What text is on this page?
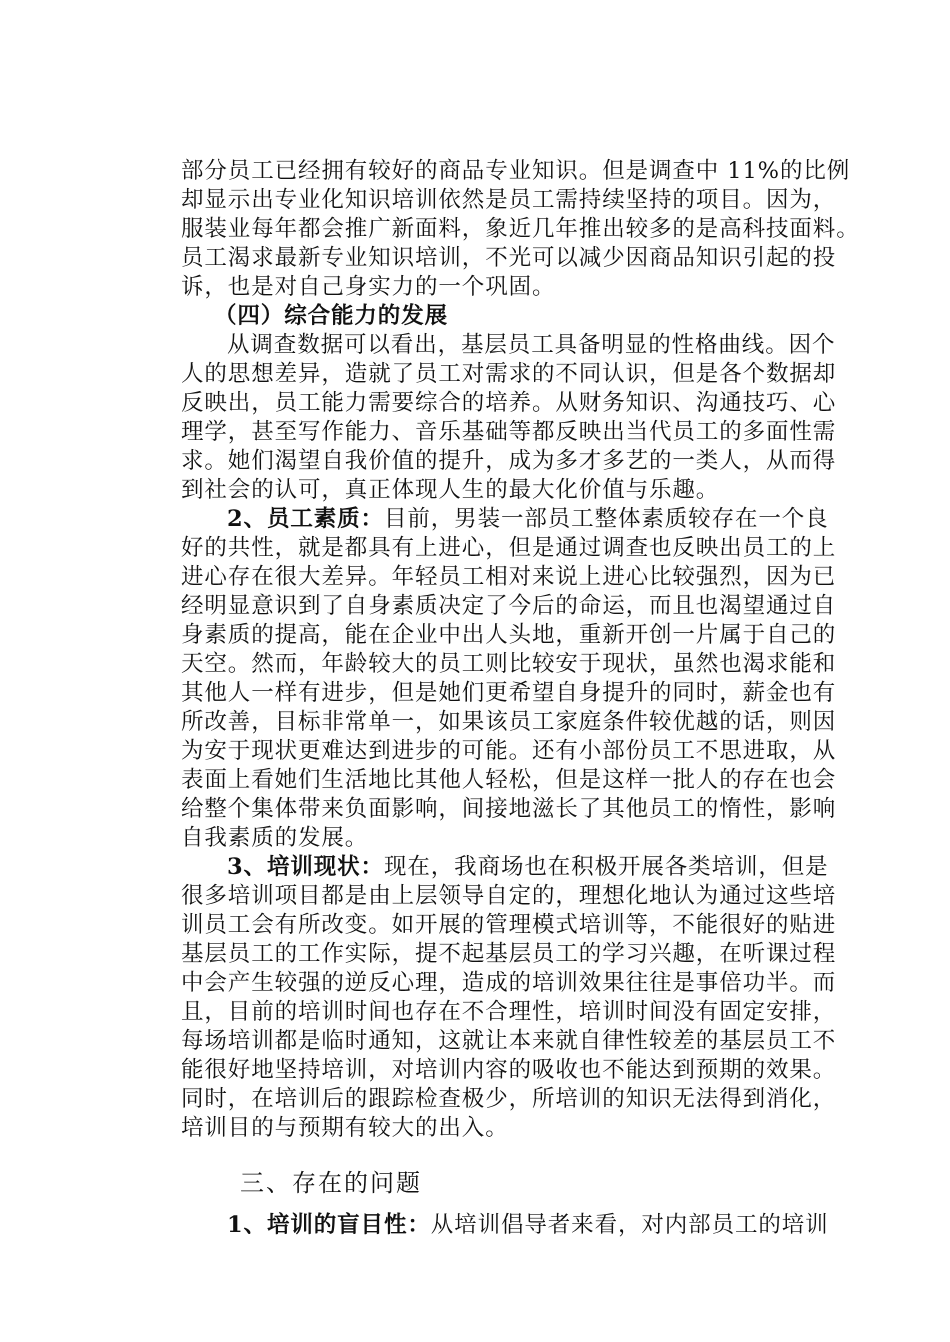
部分员工已经拥有较好的商品专业知识。但是调查中 11%的比例
却显示出专业化知识培训依然是员工需持续坚持的项目。因为，
服装业每年都会推广新面料，象近几年推出较多的是高科技面料。
员工渴求最新专业知识培训，不光可以减少因商品知识引起的投
诉，也是对自己身实力的一个巩固。
（四）综合能力的发展
从调查数据可以看出，基层员工具备明显的性格曲线。因个
人的思想差异，造就了员工对需求的不同认识，但是各个数据却
反映出，员工能力需要综合的培养。从财务知识、沟通技巧、心
理学，甚至写作能力、音乐基础等都反映出当代员工的多面性需
求。她们渴望自我价值的提升，成为多才多艺的一类人，从而得
到社会的认可，真正体现人生的最大化价值与乐趣。
2、员工素质：目前，男装一部员工整体素质较存在一个良
好的共性，就是都具有上进心，但是通过调查也反映出员工的上
进心存在很大差异。年轻员工相对来说上进心比较强烈，因为已
经明显意识到了自身素质决定了今后的命运，而且也渴望通过自
身素质的提高，能在企业中出人头地，重新开创一片属于自己的
天空。然而，年龄较大的员工则比较安于现状，虽然也渴求能和
其他人一样有进步，但是她们更希望自身提升的同时，薪金也有
所改善，目标非常单一，如果该员工家庭条件较优越的话，则因
为安于现状更难达到进步的可能。还有小部份员工不思进取，从
表面上看她们生活地比其他人轻松，但是这样一批人的存在也会
给整个集体带来负面影响，间接地滋长了其他员工的惰性，影响
自我素质的发展。
3、培训现状：现在，我商场也在积极开展各类培训，但是
很多培训项目都是由上层领导自定的，理想化地认为通过这些培
训员工会有所改变。如开展的管理模式培训等，不能很好的贴进
基层员工的工作实际，提不起基层员工的学习兴趣，在听课过程
中会产生较强的逆反心理，造成的培训效果往往是事倍功半。而
且，目前的培训时间也存在不合理性，培训时间没有固定安排，
每场培训都是临时通知，这就让本来就自律性较差的基层员工不
能很好地坚持培训，对培训内容的吸收也不能达到预期的效果。
同时，在培训后的跟踪检查极少，所培训的知识无法得到消化，
培训目的与预期有较大的出入。
三、存在的问题
1、培训的盲目性：从培训倡导者来看，对内部员工的培训
